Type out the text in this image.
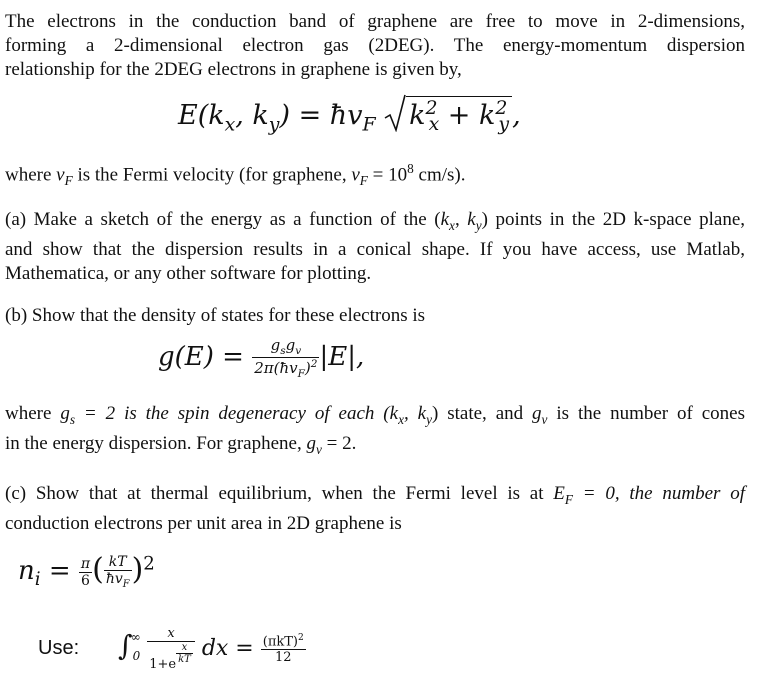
The electrons in the conduction band of graphene are free to move in 2-dimensions,
forming a 2-dimensional electron gas (2DEG). The energy-momentum dispersion
relationship for the 2DEG electrons in graphene is given by,
$E(k_x$, $k_y$) = $ħv_F$ $k^2_x + k^2_y$ ,
where $v_F$ is the Fermi velocity (for graphene, $v_F = 10^8$ cm/s).
(a) Make a sketch of the energy as a function of the ($k_x$, $k_y$) points in the 2D k-space plane,
and show that the dispersion results in a conical shape. If you have access, use Matlab,
Mathematica, or any other software for plotting.
(b) Show that the density of states for these electrons is
$g(E) = \frac{g_sg_v}{2\pi(ħv_F)^2} |E|$,
where $g_s = 2$ is the spin degeneracy of each ($k_x$, $k_y$) state, and $g_v$ is the number of cones
in the energy dispersion. For graphene, $g_v = 2$.
(c) Show that at thermal equilibrium, when the Fermi level is at $E_F = 0$, the number of
conduction electrons per unit area in 2D graphene is
$n_i = \frac{\pi}{6}$ ( $\frac{kT}{ħv_F} )^2$
Use: $\int^\infty_0 \frac{x}{1+e \frac{x}{kT}}$ dx = $\frac{(\pi kT)^2}{12}$
